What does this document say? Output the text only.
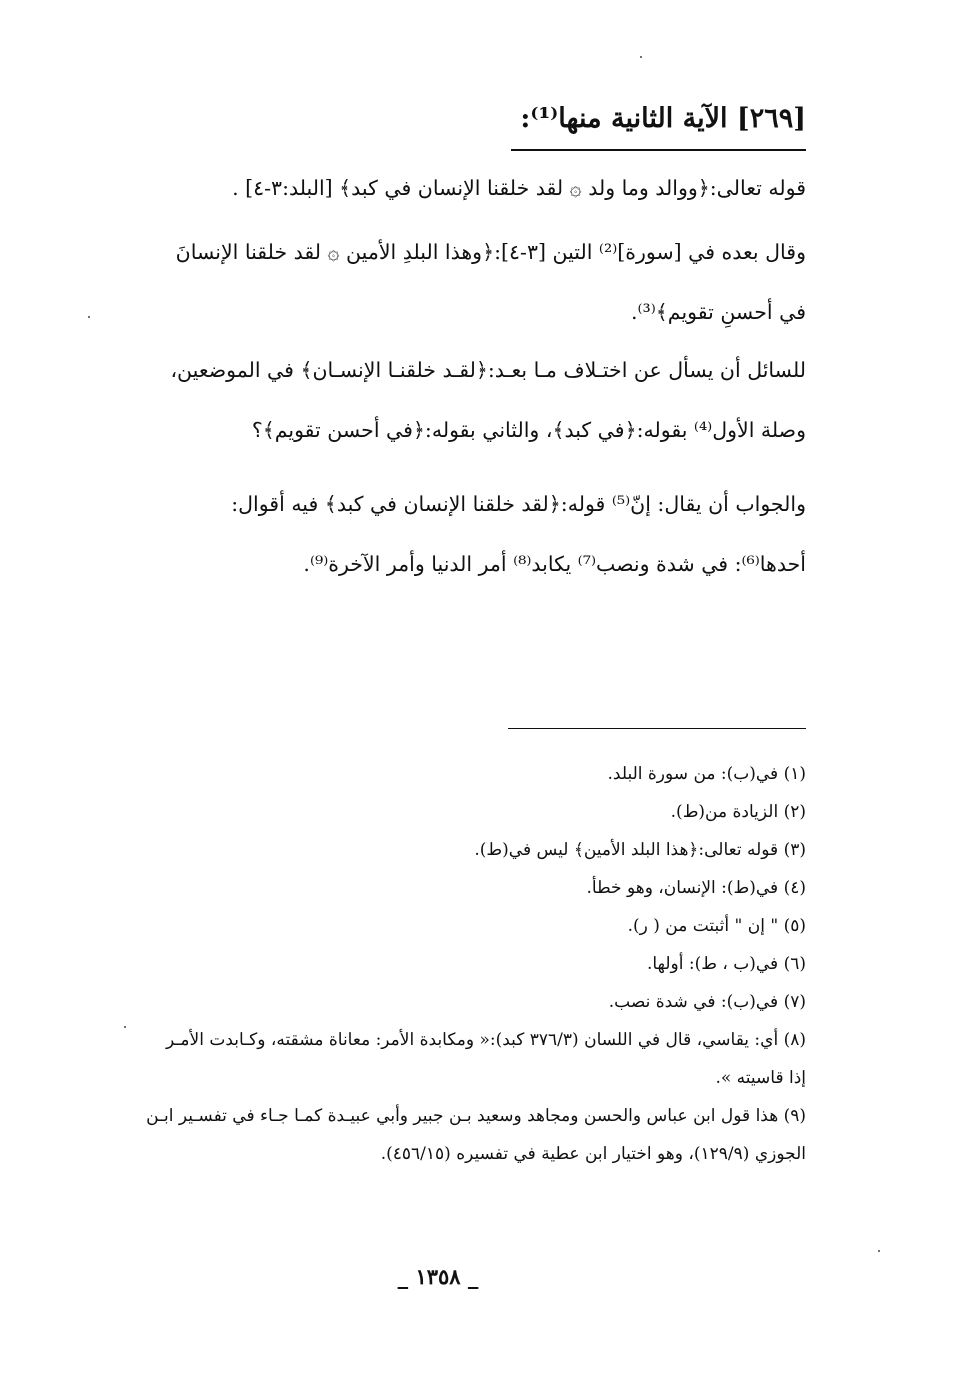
[٢٦٩] الآية الثانية منها⁽¹⁾:

قوله تعالى:﴿ووالد وما ولد ۞ لقد خلقنا الإنسان في كبد﴾ [البلد:٣-٤] .

وقال بعده في [سورة]⁽²⁾ التين [٣-٤]:﴿وهذا البلدِ الأمين ۞ لقد خلقنا الإنسانَ

في أحسنِ تقويم﴾⁽³⁾.

للسائل أن يسأل عن اختـلاف مـا بعـد:﴿لقـد خلقنـا الإنسـان﴾ في الموضعين،

وصلة الأول⁽⁴⁾ بقوله:﴿في كبد﴾، والثاني بقوله:﴿في أحسن تقويم﴾؟

والجواب أن يقال: إنّ⁽⁵⁾ قوله:﴿لقد خلقنا الإنسان في كبد﴾ فيه أقوال:

أحدها⁽⁶⁾: في شدة ونصب⁽⁷⁾ يكابد⁽⁸⁾ أمر الدنيا وأمر الآخرة⁽⁹⁾.

(١) في(ب): من سورة البلد.

(٢) الزيادة من(ط).

(٣) قوله تعالى:﴿هذا البلد الأمين﴾ ليس في(ط).

(٤) في(ط): الإنسان، وهو خطأ.

(٥) " إن " أثبتت من ( ر).

(٦) في(ب ، ط): أولها.

(٧) في(ب): في شدة نصب.

(٨) أي: يقاسي، قال في اللسان (٣٧٦/٣ كبد):« ومكابدة الأمر: معاناة مشقته، وكـابدت الأمـر

إذا قاسيته ».

(٩) هذا قول ابن عباس والحسن ومجاهد وسعيد بـن جبير وأبي عبيـدة كمـا جـاء في تفسـير ابـن

الجوزي (١٢٩/٩)، وهو اختيار ابن عطية في تفسيره (٤٥٦/١٥).

_ ١٣٥٨ _
